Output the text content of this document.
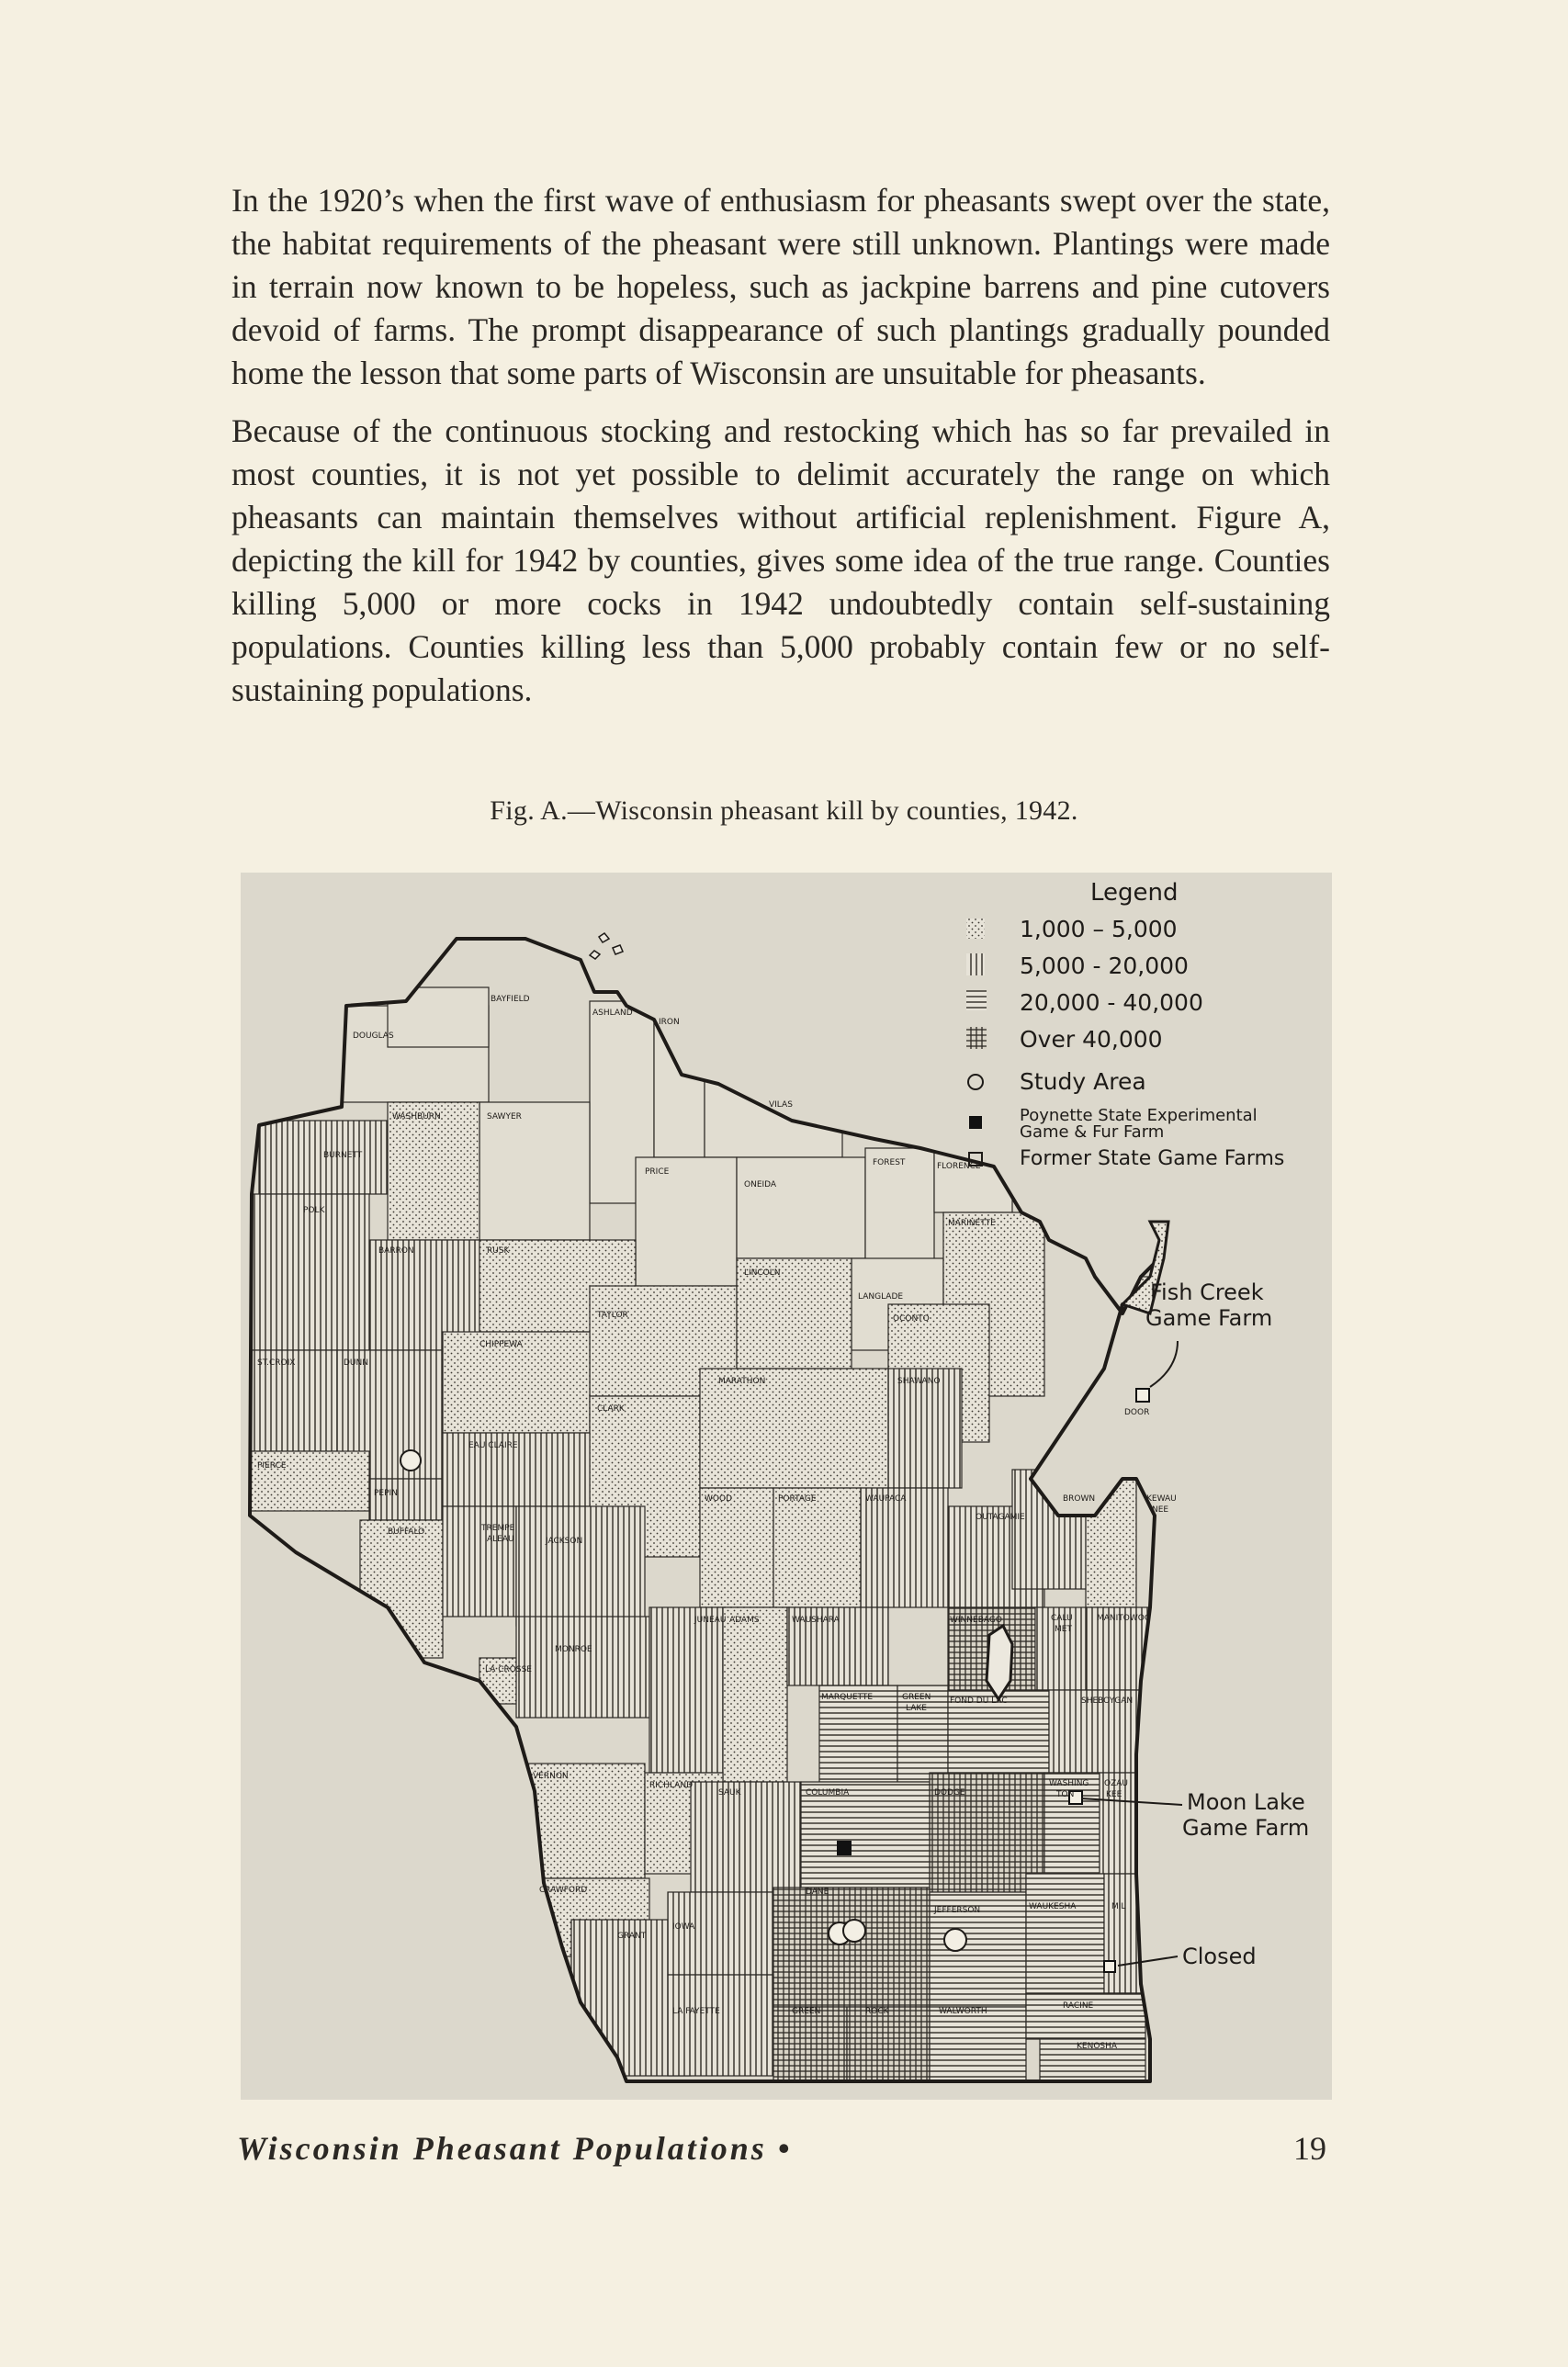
In the 1920’s when the first wave of enthusiasm for pheasants swept over the state, the habitat requirements of the pheasant were still unknown. Plantings were made in terrain now known to be hopeless, such as jackpine barrens and pine cutovers devoid of farms. The prompt disappearance of such plantings gradually pounded home the lesson that some parts of Wisconsin are unsuitable for pheasants.

Because of the continuous stocking and restocking which has so far prevailed in most counties, it is not yet possible to delimit accurately the range on which pheasants can maintain themselves without artificial replenishment. Figure A, depicting the kill for 1942 by counties, gives some idea of the true range. Counties killing 5,000 or more cocks in 1942 undoubtedly contain self-sustaining populations. Counties killing less than 5,000 probably contain few or no self-sustaining populations.

Fig. A.—Wisconsin pheasant kill by counties, 1942.
DOUGLAS
BAYFIELD
ASHLAND
IRON
VILAS
BURNETT
WASHBURN	SAWYER
PRICE
ONEIDA
FOREST	FLORENCE
POLK
BARRON	RUSK
TAYLOR
LINCOLN
LANGLADE
MARINETTE
OCONTO
ST.CROIX	DUNN
CHIPPEWA
CLARK
MARATHON	SHAWANO
DOOR
PIERCE
PEPIN
EAU CLAIRE
BUFFALO	TREMPE
ALEAU	JACKSON
WOOD	PORTAGE	WAUPACA
OUTAGAMIE
BROWN	KEWAU
NEE
LA CROSSE
MONROE
JUNEAU ADAMS	WAUSHARA	WINNEBAGO	CALU
MET
MANITOWOC
MARQUETTE	GREEN
LAKE
FOND DU LAC	SHEBOYGAN
VERNON
RICHLAND
SAUK	COLUMBIA	DODGE
WASHING
TON
OZAU
KEE
CRAWFORD
GRANT
IOWA
DANE
JEFFERSON	WAUKESHA	MIL
LA FAYETTE	GREEN	ROCK	WALWORTH
RACINE
KENOSHA
Legend
1,000 – 5,000
5,000 - 20,000
20,000 - 40,000
Over 40,000
Study Area
Poynette State Experimental
Game & Fur Farm
Former State Game Farms
Fish Creek
Game Farm
Moon Lake
Game Farm
Closed
Wisconsin Pheasant Populations •	19
